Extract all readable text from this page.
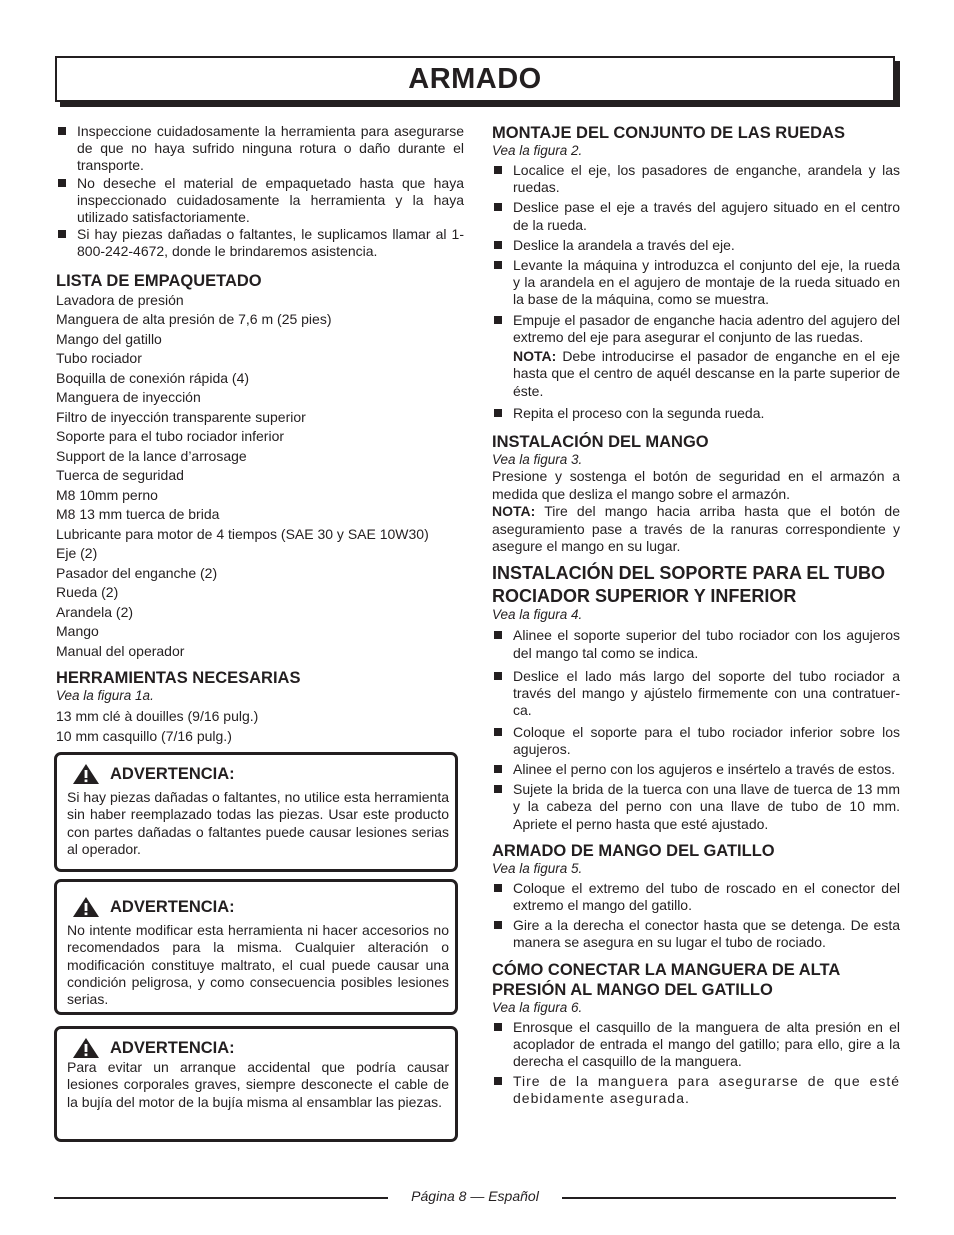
ARMADO
Inspeccione cuidadosamente la herramienta para asegurarse de que no haya sufrido ninguna rotura o daño durante el transporte.
No deseche el material de empaquetado hasta que haya inspeccionado cuidadosamente la herramienta y la haya utilizado satisfactoriamente.
Si hay piezas dañadas o faltantes, le suplicamos llamar al 1-800-242-4672, donde le brindaremos asistencia.
LISTA DE EMPAQUETADO
Lavadora de presión
Manguera de alta presión de 7,6 m (25 pies)
Mango del gatillo
Tubo rociador
Boquilla de conexión rápida (4)
Manguera de inyección
Filtro de inyección transparente superior
Soporte para el tubo rociador inferior
Support de la lance d’arrosage
Tuerca de seguridad
M8 10mm perno
M8 13 mm tuerca de brida
Lubricante para motor de 4 tiempos (SAE 30 y SAE 10W30)
Eje (2)
Pasador del enganche (2)
Rueda (2)
Arandela (2)
Mango
Manual del operador
HERRAMIENTAS NECESARIAS
Vea la figura 1a.
13 mm clé à douilles (9/16 pulg.)
10 mm casquillo (7/16 pulg.)
ADVERTENCIA:
Si hay piezas dañadas o faltantes, no utilice esta herramienta sin haber reemplazado todas las piezas. Usar este producto con partes dañadas o faltantes puede causar lesiones serias al operador.
ADVERTENCIA:
No intente modificar esta herramienta ni hacer accesorios no recomendados para la misma. Cualquier alteración o modificación constituye maltrato, el cual puede causar una condición peligrosa, y como consecuencia posibles lesiones serias.
ADVERTENCIA:
Para evitar un arranque accidental que podría causar lesiones corporales graves, siempre desconecte el cable de la bujía del motor de la bujía misma al ensamblar las piezas.
MONTAJE DEL CONJUNTO DE LAS RUEDAS
Vea la figura 2.
Localice el eje, los pasadores de enganche, arandela y las ruedas.
Deslice pase el eje a través del agujero situado en el centro de la rueda.
Deslice la arandela a través del eje.
Levante la máquina y introduzca el conjunto del eje, la rueda y la arandela en el agujero de montaje de la rueda situado en la base de la máquina, como se muestra.
Empuje el pasador de enganche hacia adentro del agujero del extremo del eje para asegurar el conjunto de las ruedas.
NOTA: Debe introducirse el pasador de enganche en el eje hasta que el centro de aquél descanse en la parte superior de éste.
Repita el proceso con la segunda rueda.
INSTALACIÓN DEL MANGO
Vea la figura 3.
Presione y sostenga el botón de seguridad en el armazón a medida que desliza el mango sobre el armazón.
NOTA: Tire del mango hacia arriba hasta que el botón de aseguramiento pase a través de la ranuras correspondiente y asegure el mango en su lugar.
INSTALACIÓN DEL SOPORTE PARA EL TUBO ROCIADOR SUPERIOR Y INFERIOR
Vea la figura 4.
Alinee el soporte superior del tubo rociador con los agujeros del mango tal como se indica.
Deslice el lado más largo del soporte del tubo rociador a través del mango y ajústelo firmemente con una contratuer-ca.
Coloque el soporte para el tubo rociador inferior sobre los agujeros.
Alinee el perno con los agujeros e insértelo a través de estos.
Sujete la brida de la tuerca con una llave de tuerca de 13 mm y la cabeza del perno con una llave de tubo de 10 mm. Apriete el perno hasta que esté ajustado.
ARMADO DE MANGO DEL GATILLO
Vea la figura 5.
Coloque el extremo del tubo de roscado en el conector del extremo el mango del gatillo.
Gire a la derecha el conector hasta que se detenga. De esta manera se asegura en su lugar el tubo de rociado.
CÓMO CONECTAR LA MANGUERA DE ALTA PRESIÓN AL MANGO DEL GATILLO
Vea la figura 6.
Enrosque el casquillo de la manguera de alta presión en el acoplador de entrada el mango del gatillo; para ello, gire a la derecha el casquillo de la manguera.
Tire de la manguera para asegurarse de que esté debidamente asegurada.
Página 8 — Español
